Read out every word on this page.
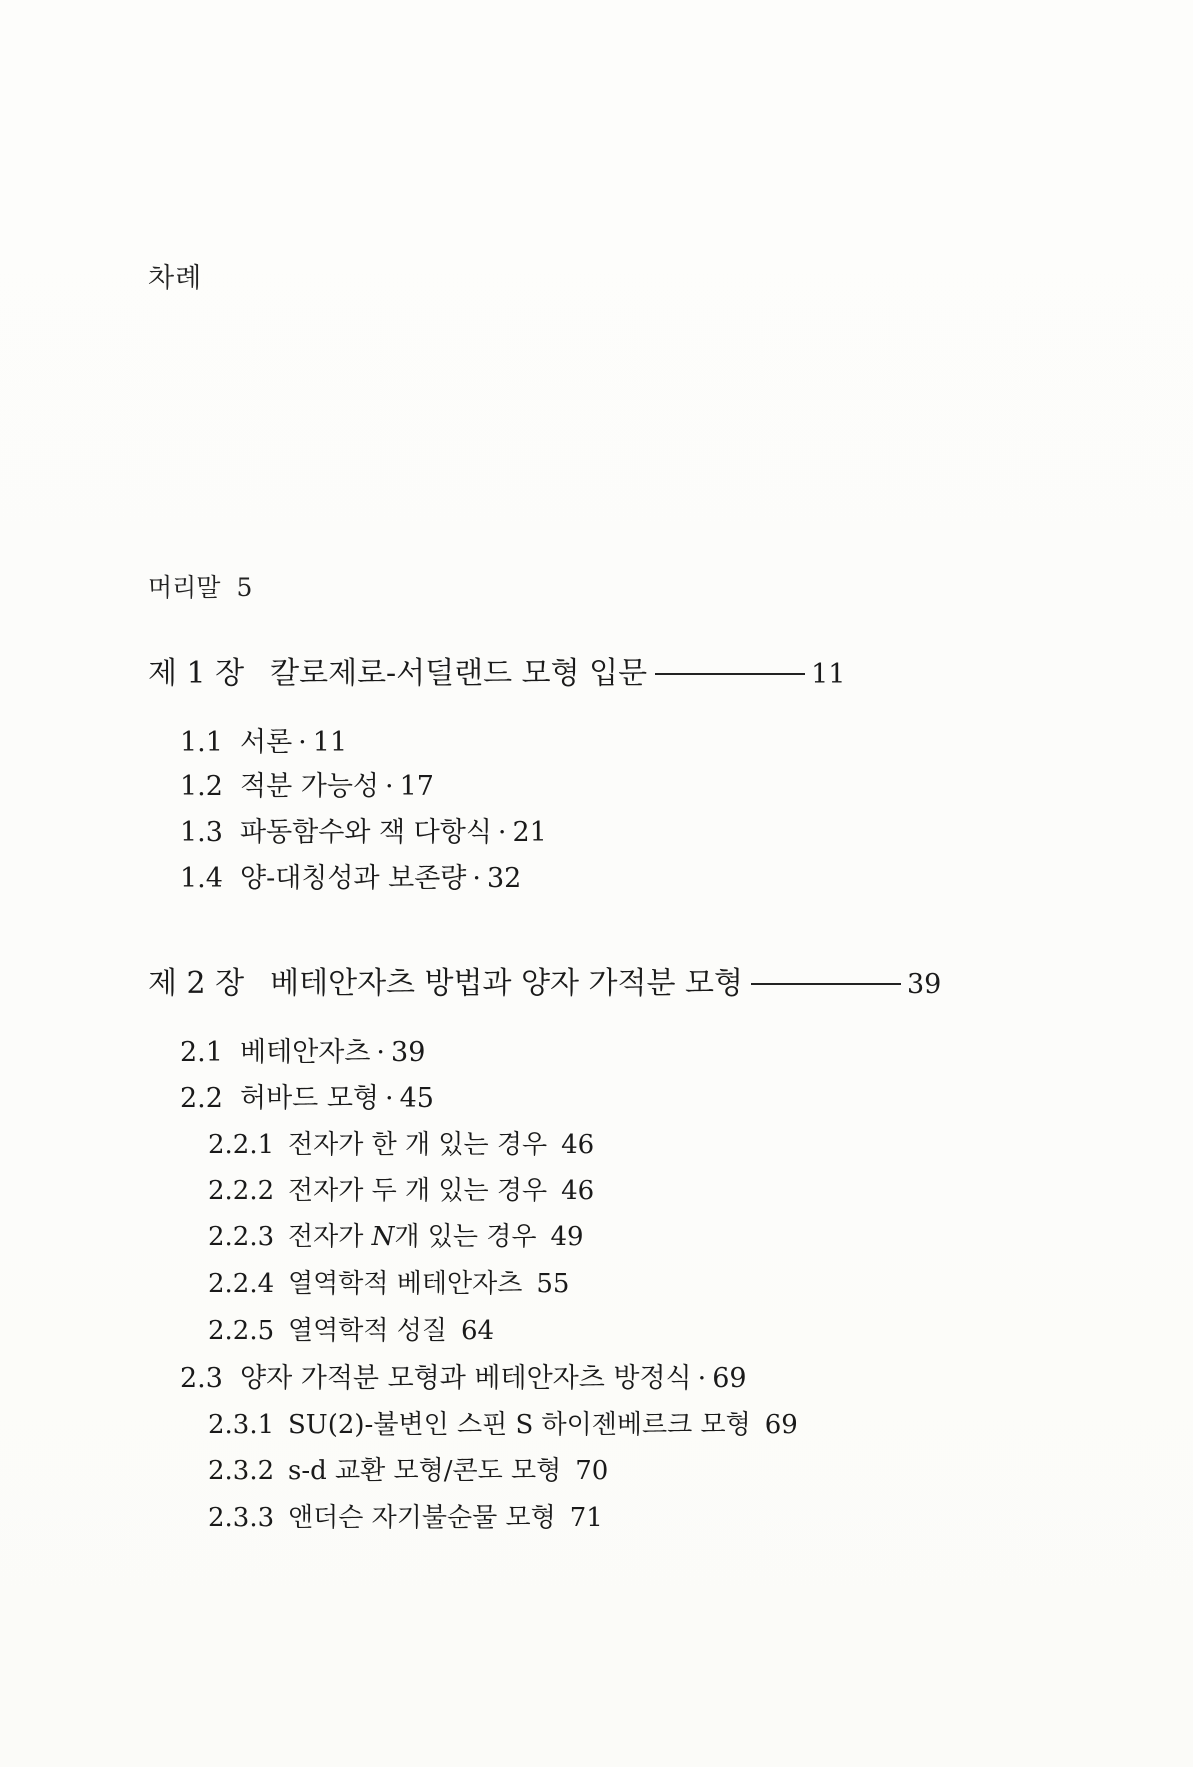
차례
머리말 5
제 1 장 칼로제로-서덜랜드 모형 입문	11
1.1 서론 · 11
1.2 적분 가능성 · 17
1.3 파동함수와 잭 다항식 · 21
1.4 양-대칭성과 보존량 · 32
제 2 장 베테안자츠 방법과 양자 가적분 모형	39
2.1 베테안자츠 · 39
2.2 허바드 모형 · 45
2.2.1 전자가 한 개 있는 경우 46
2.2.2 전자가 두 개 있는 경우 46
2.2.3 전자가 N개 있는 경우 49
2.2.4 열역학적 베테안자츠 55
2.2.5 열역학적 성질 64
2.3 양자 가적분 모형과 베테안자츠 방정식 · 69
2.3.1 SU(2)-불변인 스핀 S 하이젠베르크 모형 69
2.3.2 s-d 교환 모형/콘도 모형 70
2.3.3 앤더슨 자기불순물 모형 71
